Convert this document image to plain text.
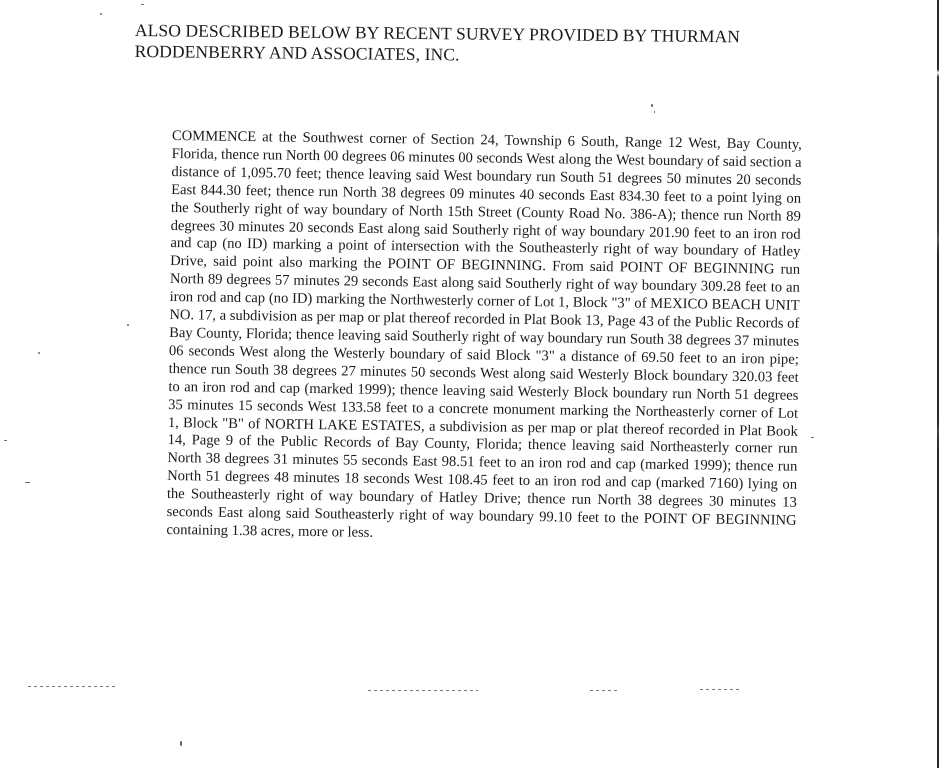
ALSO DESCRIBED BELOW BY RECENT SURVEY PROVIDED BY THURMAN RODDENBERRY AND ASSOCIATES, INC.
COMMENCE at the Southwest corner of Section 24, Township 6 South, Range 12 West, Bay County, Florida, thence run North 00 degrees 06 minutes 00 seconds West along the West boundary of said section a distance of 1,095.70 feet; thence leaving said West boundary run South 51 degrees 50 minutes 20 seconds East 844.30 feet; thence run North 38 degrees 09 minutes 40 seconds East 834.30 feet to a point lying on the Southerly right of way boundary of North 15th Street (County Road No. 386-A); thence run North 89 degrees 30 minutes 20 seconds East along said Southerly right of way boundary 201.90 feet to an iron rod and cap (no ID) marking a point of intersection with the Southeasterly right of way boundary of Hatley Drive, said point also marking the POINT OF BEGINNING. From said POINT OF BEGINNING run North 89 degrees 57 minutes 29 seconds East along said Southerly right of way boundary 309.28 feet to an iron rod and cap (no ID) marking the Northwesterly corner of Lot 1, Block "3" of MEXICO BEACH UNIT NO. 17, a subdivision as per map or plat thereof recorded in Plat Book 13, Page 43 of the Public Records of Bay County, Florida; thence leaving said Southerly right of way boundary run South 38 degrees 37 minutes 06 seconds West along the Westerly boundary of said Block "3" a distance of 69.50 feet to an iron pipe; thence run South 38 degrees 27 minutes 50 seconds West along said Westerly Block boundary 320.03 feet to an iron rod and cap (marked 1999); thence leaving said Westerly Block boundary run North 51 degrees 35 minutes 15 seconds West 133.58 feet to a concrete monument marking the Northeasterly corner of Lot 1, Block "B" of NORTH LAKE ESTATES, a subdivision as per map or plat thereof recorded in Plat Book 14, Page 9 of the Public Records of Bay County, Florida; thence leaving said Northeasterly corner run North 38 degrees 31 minutes 55 seconds East 98.51 feet to an iron rod and cap (marked 1999); thence run North 51 degrees 48 minutes 18 seconds West 108.45 feet to an iron rod and cap (marked 7160) lying on the Southeasterly right of way boundary of Hatley Drive; thence run North 38 degrees 30 minutes 13 seconds East along said Southeasterly right of way boundary 99.10 feet to the POINT OF BEGINNING containing 1.38 acres, more or less.
